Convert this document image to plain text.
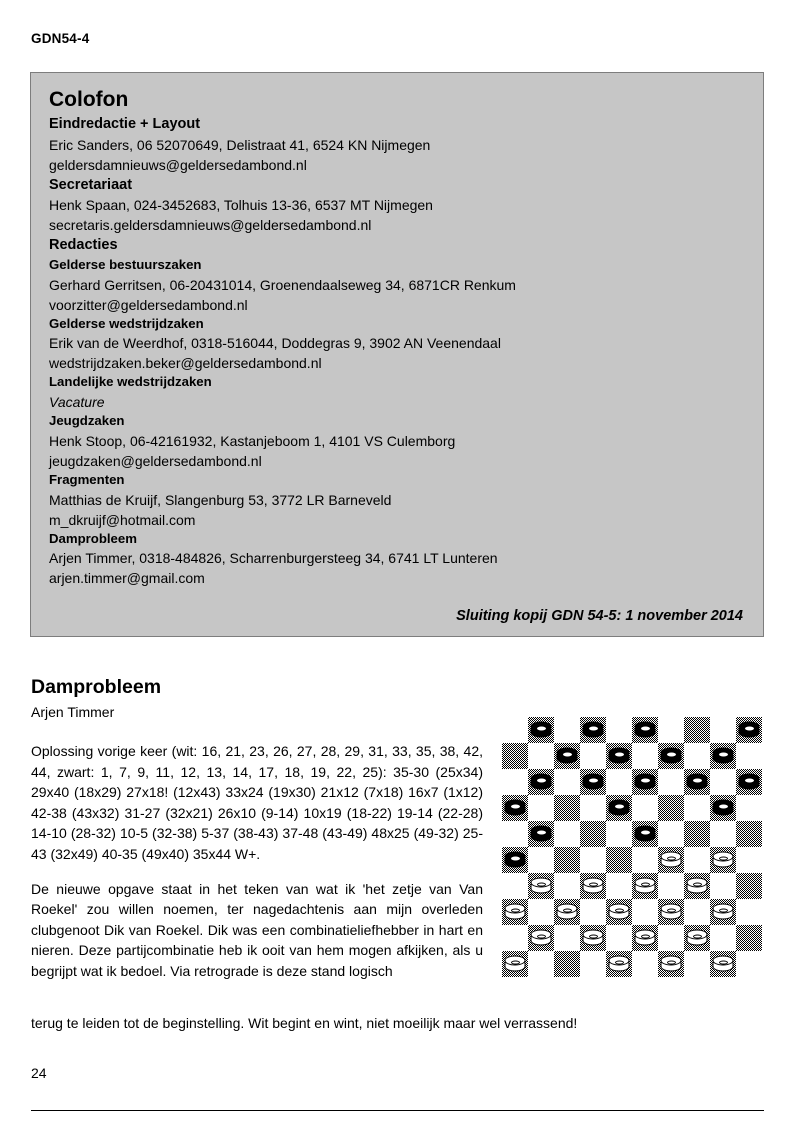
GDN54-4
Colofon
Eindredactie + Layout
Eric Sanders, 06 52070649, Delistraat 41, 6524 KN Nijmegen
geldersdamnieuws@geldersedambond.nl
Secretariaat
Henk Spaan, 024-3452683, Tolhuis 13-36, 6537 MT Nijmegen
secretaris.geldersdamnieuws@geldersedambond.nl
Redacties
Gelderse bestuurszaken
Gerhard Gerritsen, 06-20431014, Groenendaalseweg 34, 6871CR Renkum
voorzitter@geldersedambond.nl
Gelderse wedstrijdzaken
Erik van de Weerdhof, 0318-516044, Doddegras 9, 3902 AN Veenendaal
wedstrijdzaken.beker@geldersedambond.nl
Landelijke wedstrijdzaken
Vacature
Jeugdzaken
Henk Stoop, 06-42161932, Kastanjeboom 1, 4101 VS Culemborg
jeugdzaken@geldersedambond.nl
Fragmenten
Matthias de Kruijf, Slangenburg 53, 3772 LR Barneveld
m_dkruijf@hotmail.com
Damprobleem
Arjen Timmer, 0318-484826, Scharrenburgersteeg 34, 6741 LT Lunteren
arjen.timmer@gmail.com
Sluiting kopij GDN 54-5: 1 november 2014
Damprobleem
Arjen Timmer

Oplossing vorige keer (wit: 16, 21, 23, 26, 27, 28, 29, 31, 33, 35, 38, 42, 44, zwart: 1, 7, 9, 11, 12, 13, 14, 17, 18, 19, 22, 25): 35-30 (25x34) 29x40 (18x29) 27x18! (12x43) 33x24 (19x30) 21x12 (7x18) 16x7 (1x12) 42-38 (43x32) 31-27 (32x21) 26x10 (9-14) 10x19 (18-22) 19-14 (22-28) 14-10 (28-32) 10-5 (32-38) 5-37 (38-43) 37-48 (43-49) 48x25 (49-32) 25-43 (32x49) 40-35 (49x40) 35x44 W+.

De nieuwe opgave staat in het teken van wat ik 'het zetje van Van Roekel' zou willen noemen, ter nagedachtenis aan mijn overleden clubgenoot Dik van Roekel. Dik was een combinatieliefhebber in hart en nieren. Deze partijcombinatie heb ik ooit van hem mogen afkijken, als u begrijpt wat ik bedoel. Via retrograde is deze stand logisch

terug te leiden tot de beginstelling. Wit begint en wint, niet moeilijk maar wel verrassend!
24
